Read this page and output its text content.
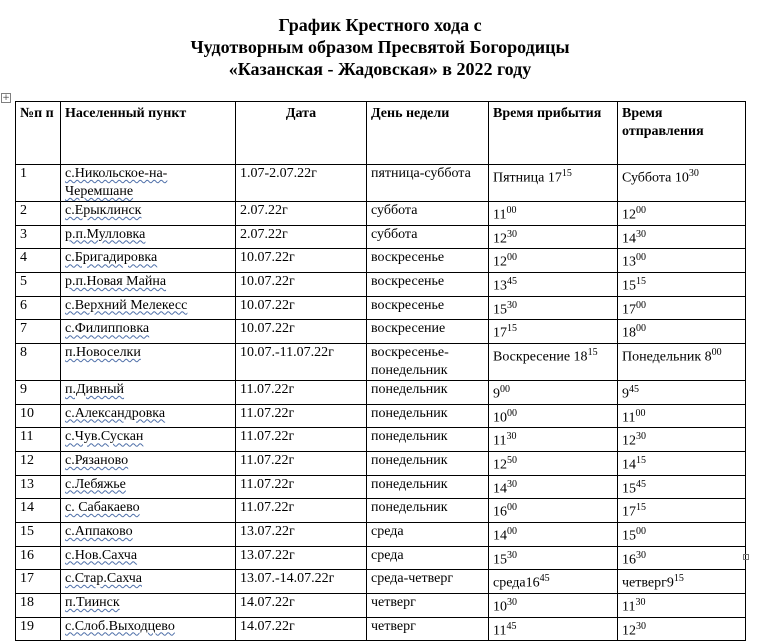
График Крестного хода с
Чудотворным образом Пресвятой Богородицы
«Казанская - Жадовская» в 2022 году
+
№п п	Населенный пункт	Дата	День недели	Время прибытия	Время отправления
1	с.Никольское-на-Черемшане	1.07-2.07.22г	пятница-суббота	Пятница $17^{15}$	Суббота $10^{30}$
2	с.Ерыклинск	2.07.22г	суббота	$11^{00}$	$12^{00}$
3	р.п.Мулловка	2.07.22г	суббота	$12^{30}$	$14^{30}$
4	с.Бригадировка	10.07.22г	воскресенье	$12^{00}$	$13^{00}$
5	р.п.Новая Майна	10.07.22г	воскресенье	$13^{45}$	$15^{15}$
6	с.Верхний Мелекесс	10.07.22г	воскресенье	$15^{30}$	$17^{00}$
7	с.Филипповка	10.07.22г	воскресение	$17^{15}$	$18^{00}$
8	п.Новоселки	10.07.-11.07.22г	воскресенье-понедельник	Воскресение $18^{15}$	Понедельник $8^{00}$
9	п.Дивный	11.07.22г	понедельник	$9^{00}$	$9^{45}$
10	с.Александровка	11.07.22г	понедельник	$10^{00}$	$11^{00}$
11	с.Чув.Сускан	11.07.22г	понедельник	$11^{30}$	$12^{30}$
12	с.Рязаново	11.07.22г	понедельник	$12^{50}$	$14^{15}$
13	с.Лебяжье	11.07.22г	понедельник	$14^{30}$	$15^{45}$
14	с. Сабакаево	11.07.22г	понедельник	$16^{00}$	$17^{15}$
15	с.Аппаково	13.07.22г	среда	$14^{00}$	$15^{00}$
16	с.Нов.Сахча	13.07.22г	среда	$15^{30}$	$16^{30}$
17	с.Стар.Сахча	13.07.-14.07.22г	среда-четверг	$среда16^{45}$	$четверг9^{15}$
18	п.Тиинск	14.07.22г	четверг	$10^{30}$	$11^{30}$
19	с.Слоб.Выходцево	14.07.22г	четверг	$11^{45}$	$12^{30}$
